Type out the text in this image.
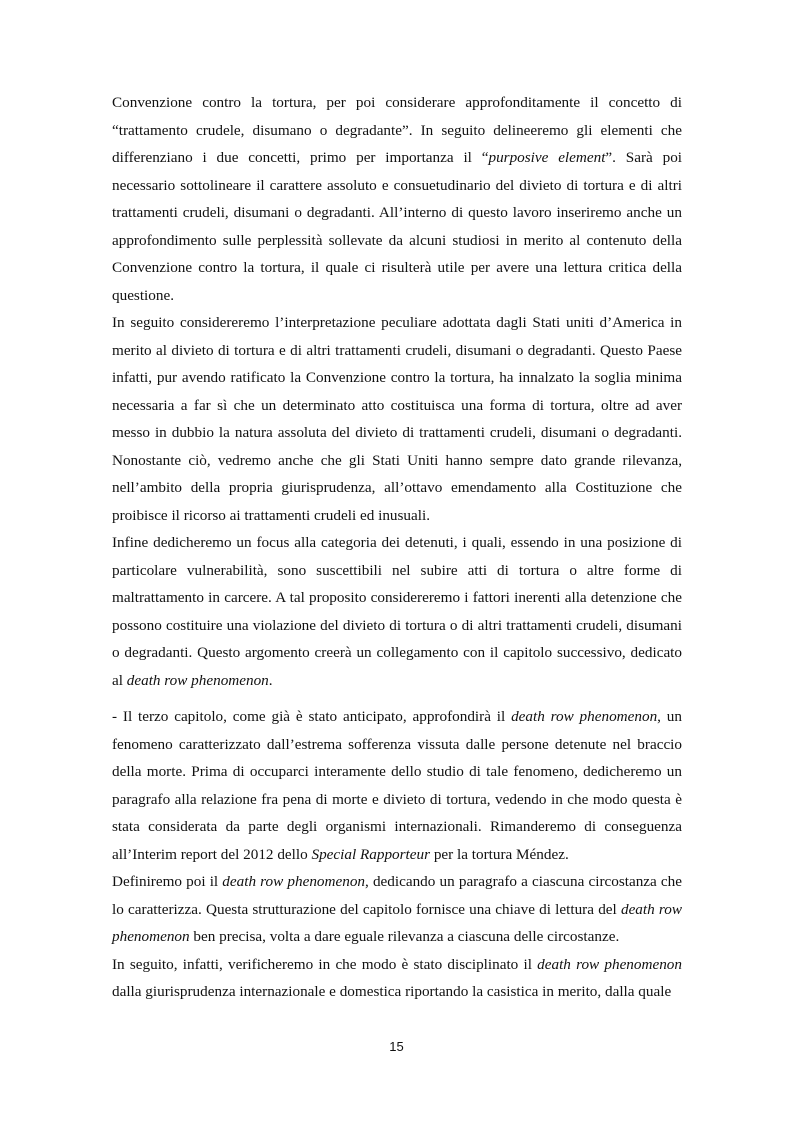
Convenzione contro la tortura, per poi considerare approfonditamente il concetto di “trattamento crudele, disumano o degradante”. In seguito delineeremo gli elementi che differenziano i due concetti, primo per importanza il “purposive element”. Sarà poi necessario sottolineare il carattere assoluto e consuetudinario del divieto di tortura e di altri trattamenti crudeli, disumani o degradanti. All’interno di questo lavoro inseriremo anche un approfondimento sulle perplessità sollevate da alcuni studiosi in merito al contenuto della Convenzione contro la tortura, il quale ci risulterà utile per avere una lettura critica della questione.

In seguito considereremo l’interpretazione peculiare adottata dagli Stati uniti d’America in merito al divieto di tortura e di altri trattamenti crudeli, disumani o degradanti. Questo Paese infatti, pur avendo ratificato la Convenzione contro la tortura, ha innalzato la soglia minima necessaria a far sì che un determinato atto costituisca una forma di tortura, oltre ad aver messo in dubbio la natura assoluta del divieto di trattamenti crudeli, disumani o degradanti. Nonostante ciò, vedremo anche che gli Stati Uniti hanno sempre dato grande rilevanza, nell’ambito della propria giurisprudenza, all’ottavo emendamento alla Costituzione che proibisce il ricorso ai trattamenti crudeli ed inusuali.

Infine dedicheremo un focus alla categoria dei detenuti, i quali, essendo in una posizione di particolare vulnerabilità, sono suscettibili nel subire atti di tortura o altre forme di maltrattamento in carcere. A tal proposito considereremo i fattori inerenti alla detenzione che possono costituire una violazione del divieto di tortura o di altri trattamenti crudeli, disumani o degradanti. Questo argomento creerà un collegamento con il capitolo successivo, dedicato al death row phenomenon.

- Il terzo capitolo, come già è stato anticipato, approfondirà il death row phenomenon, un fenomeno caratterizzato dall’estrema sofferenza vissuta dalle persone detenute nel braccio della morte. Prima di occuparci interamente dello studio di tale fenomeno, dedicheremo un paragrafo alla relazione fra pena di morte e divieto di tortura, vedendo in che modo questa è stata considerata da parte degli organismi internazionali. Rimanderemo di conseguenza all’Interim report del 2012 dello Special Rapporteur per la tortura Méndez.

Definiremo poi il death row phenomenon, dedicando un paragrafo a ciascuna circostanza che lo caratterizza. Questa strutturazione del capitolo fornisce una chiave di lettura del death row phenomenon ben precisa, volta a dare eguale rilevanza a ciascuna delle circostanze.

In seguito, infatti, verificheremo in che modo è stato disciplinato il death row phenomenon dalla giurisprudenza internazionale e domestica riportando la casistica in merito, dalla quale

15
